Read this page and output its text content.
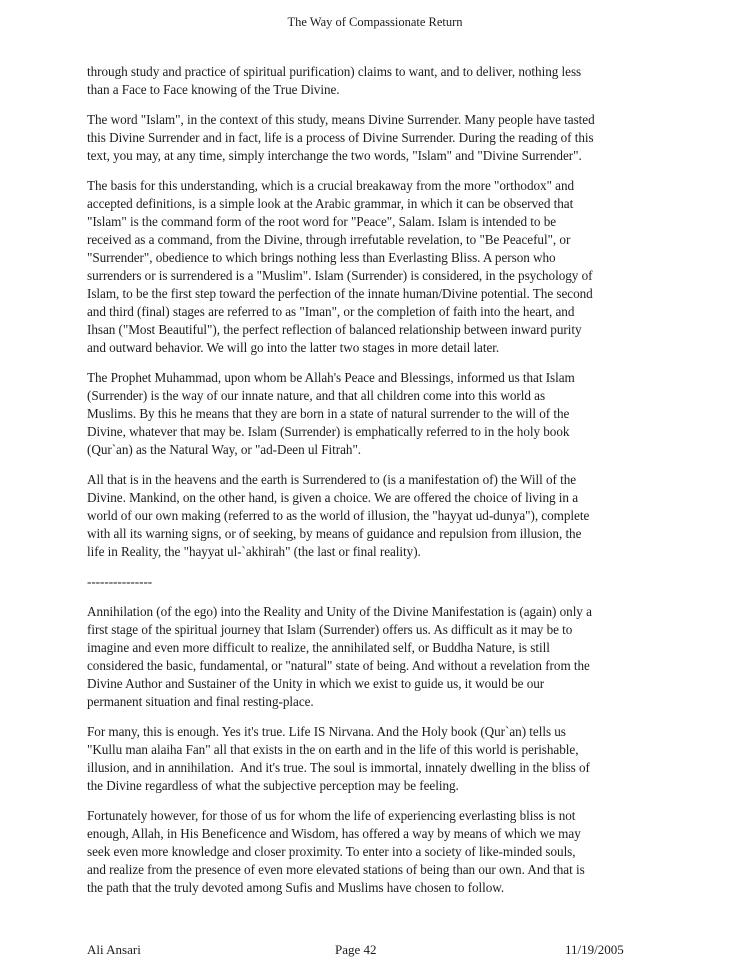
The Way of Compassionate Return
through study and practice of spiritual purification) claims to want, and to deliver, nothing less
than a Face to Face knowing of the True Divine.
The word "Islam", in the context of this study, means Divine Surrender. Many people have tasted
this Divine Surrender and in fact, life is a process of Divine Surrender. During the reading of this
text, you may, at any time, simply interchange the two words, "Islam" and "Divine Surrender".
The basis for this understanding, which is a crucial breakaway from the more "orthodox" and
accepted definitions, is a simple look at the Arabic grammar, in which it can be observed that
"Islam" is the command form of the root word for "Peace", Salam. Islam is intended to be
received as a command, from the Divine, through irrefutable revelation, to "Be Peaceful", or
"Surrender", obedience to which brings nothing less than Everlasting Bliss. A person who
surrenders or is surrendered is a "Muslim". Islam (Surrender) is considered, in the psychology of
Islam, to be the first step toward the perfection of the innate human/Divine potential. The second
and third (final) stages are referred to as "Iman", or the completion of faith into the heart, and
Ihsan ("Most Beautiful"), the perfect reflection of balanced relationship between inward purity
and outward behavior. We will go into the latter two stages in more detail later.
The Prophet Muhammad, upon whom be Allah's Peace and Blessings, informed us that Islam
(Surrender) is the way of our innate nature, and that all children come into this world as
Muslims. By this he means that they are born in a state of natural surrender to the will of the
Divine, whatever that may be. Islam (Surrender) is emphatically referred to in the holy book
(Qur`an) as the Natural Way, or "ad-Deen ul Fitrah".
All that is in the heavens and the earth is Surrendered to (is a manifestation of) the Will of the
Divine. Mankind, on the other hand, is given a choice. We are offered the choice of living in a
world of our own making (referred to as the world of illusion, the "hayyat ud-dunya"), complete
with all its warning signs, or of seeking, by means of guidance and repulsion from illusion, the
life in Reality, the "hayyat ul-`akhirah" (the last or final reality).
---------------
Annihilation (of the ego) into the Reality and Unity of the Divine Manifestation is (again) only a
first stage of the spiritual journey that Islam (Surrender) offers us. As difficult as it may be to
imagine and even more difficult to realize, the annihilated self, or Buddha Nature, is still
considered the basic, fundamental, or "natural" state of being. And without a revelation from the
Divine Author and Sustainer of the Unity in which we exist to guide us, it would be our
permanent situation and final resting-place.
For many, this is enough. Yes it's true. Life IS Nirvana. And the Holy book (Qur`an) tells us
"Kullu man alaiha Fan" all that exists in the on earth and in the life of this world is perishable,
illusion, and in annihilation.  And it's true. The soul is immortal, innately dwelling in the bliss of
the Divine regardless of what the subjective perception may be feeling.
Fortunately however, for those of us for whom the life of experiencing everlasting bliss is not
enough, Allah, in His Beneficence and Wisdom, has offered a way by means of which we may
seek even more knowledge and closer proximity. To enter into a society of like-minded souls,
and realize from the presence of even more elevated stations of being than our own. And that is
the path that the truly devoted among Sufis and Muslims have chosen to follow.
Ali Ansari	Page 42	11/19/2005
